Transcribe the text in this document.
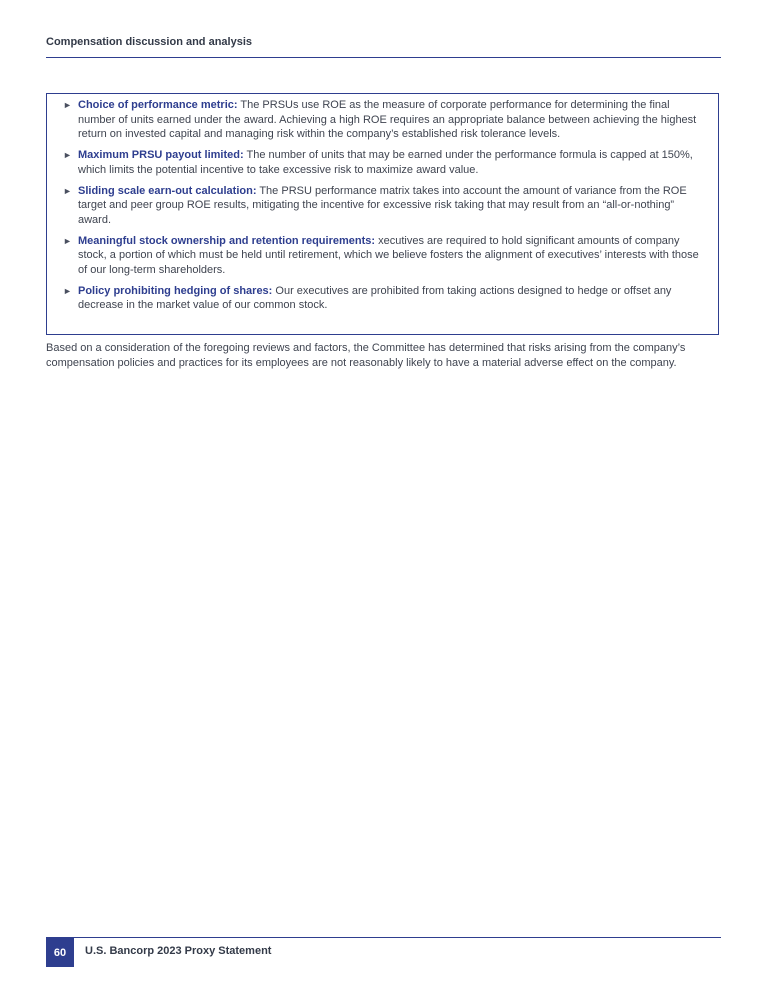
Compensation discussion and analysis
► Choice of performance metric: The PRSUs use ROE as the measure of corporate performance for determining the final number of units earned under the award. Achieving a high ROE requires an appropriate balance between achieving the highest return on invested capital and managing risk within the company’s established risk tolerance levels.
► Maximum PRSU payout limited: The number of units that may be earned under the performance formula is capped at 150%, which limits the potential incentive to take excessive risk to maximize award value.
► Sliding scale earn-out calculation: The PRSU performance matrix takes into account the amount of variance from the ROE target and peer group ROE results, mitigating the incentive for excessive risk taking that may result from an “all-or-nothing” award.
► Meaningful stock ownership and retention requirements: xecutives are required to hold significant amounts of company stock, a portion of which must be held until retirement, which we believe fosters the alignment of executives’ interests with those of our long-term shareholders.
► Policy prohibiting hedging of shares: Our executives are prohibited from taking actions designed to hedge or offset any decrease in the market value of our common stock.
Based on a consideration of the foregoing reviews and factors, the Committee has determined that risks arising from the company’s compensation policies and practices for its employees are not reasonably likely to have a material adverse effect on the company.
60	U.S. Bancorp 2023 Proxy Statement
